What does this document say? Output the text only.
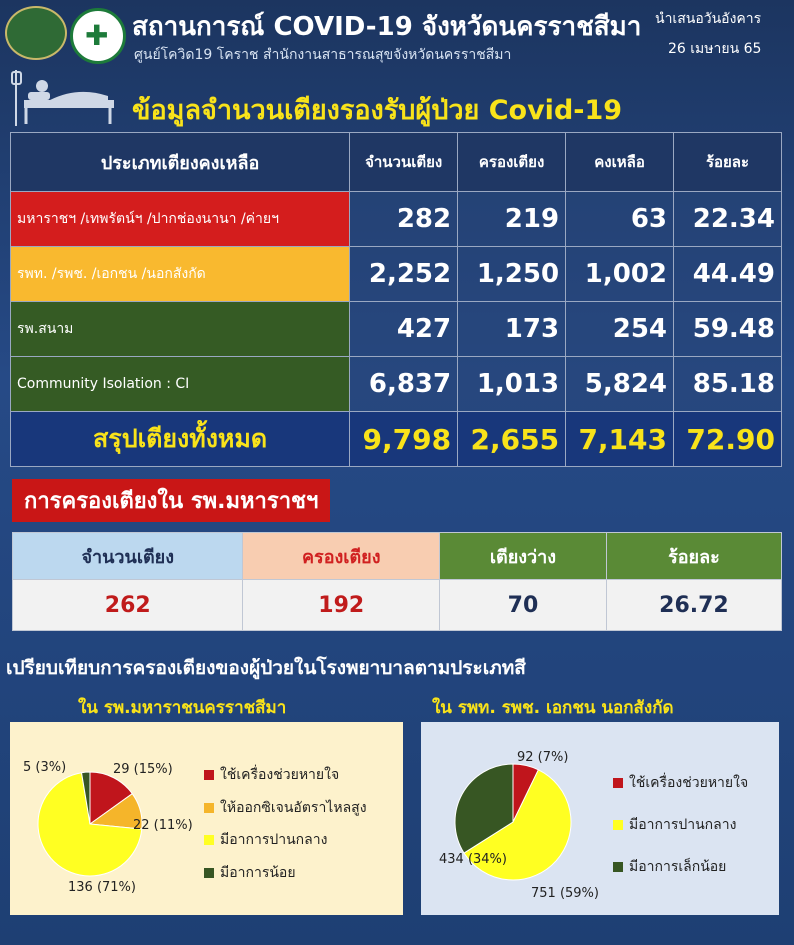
✚ สถานการณ์ COVID-19 จังหวัดนครราชสีมา
ศูนย์โควิด19 โคราช สำนักงานสาธารณสุขจังหวัดนครราชสีมา
นำเสนอวันอังคาร
26 เมษายน 65
ข้อมูลจำนวนเตียงรองรับผู้ป่วย Covid-19
ประเภทเตียงคงเหลือ	จำนวนเตียง	ครองเตียง	คงเหลือ	ร้อยละ
มหาราชฯ /เทพรัตน์ฯ /ปากช่องนานา /ค่ายฯ	282	219	63	22.34
รพท. /รพช. /เอกชน /นอกสังกัด	2,252	1,250	1,002	44.49
รพ.สนาม	427	173	254	59.48
Community Isolation : CI	6,837	1,013	5,824	85.18
สรุปเตียงทั้งหมด	9,798	2,655	7,143	72.90
การครองเตียงใน รพ.มหาราชฯ
จำนวนเตียง	ครองเตียง	เตียงว่าง	ร้อยละ
262	192	70	26.72
เปรียบเทียบการครองเตียงของผู้ป่วยในโรงพยาบาลตามประเภทสี
ใน รพ.มหาราชนครราชสีมา	ใน รพท. รพช. เอกชน นอกสังกัด
5 (3%)	29 (15%)
22 (11%)
136 (71%)
ใช้เครื่องช่วยหายใจ
ให้ออกซิเจนอัตราไหลสูง
มีอาการปานกลาง
มีอาการน้อย
92 (7%)
751 (59%)
434 (34%)
ใช้เครื่องช่วยหายใจ
มีอาการปานกลาง
มีอาการเล็กน้อย
